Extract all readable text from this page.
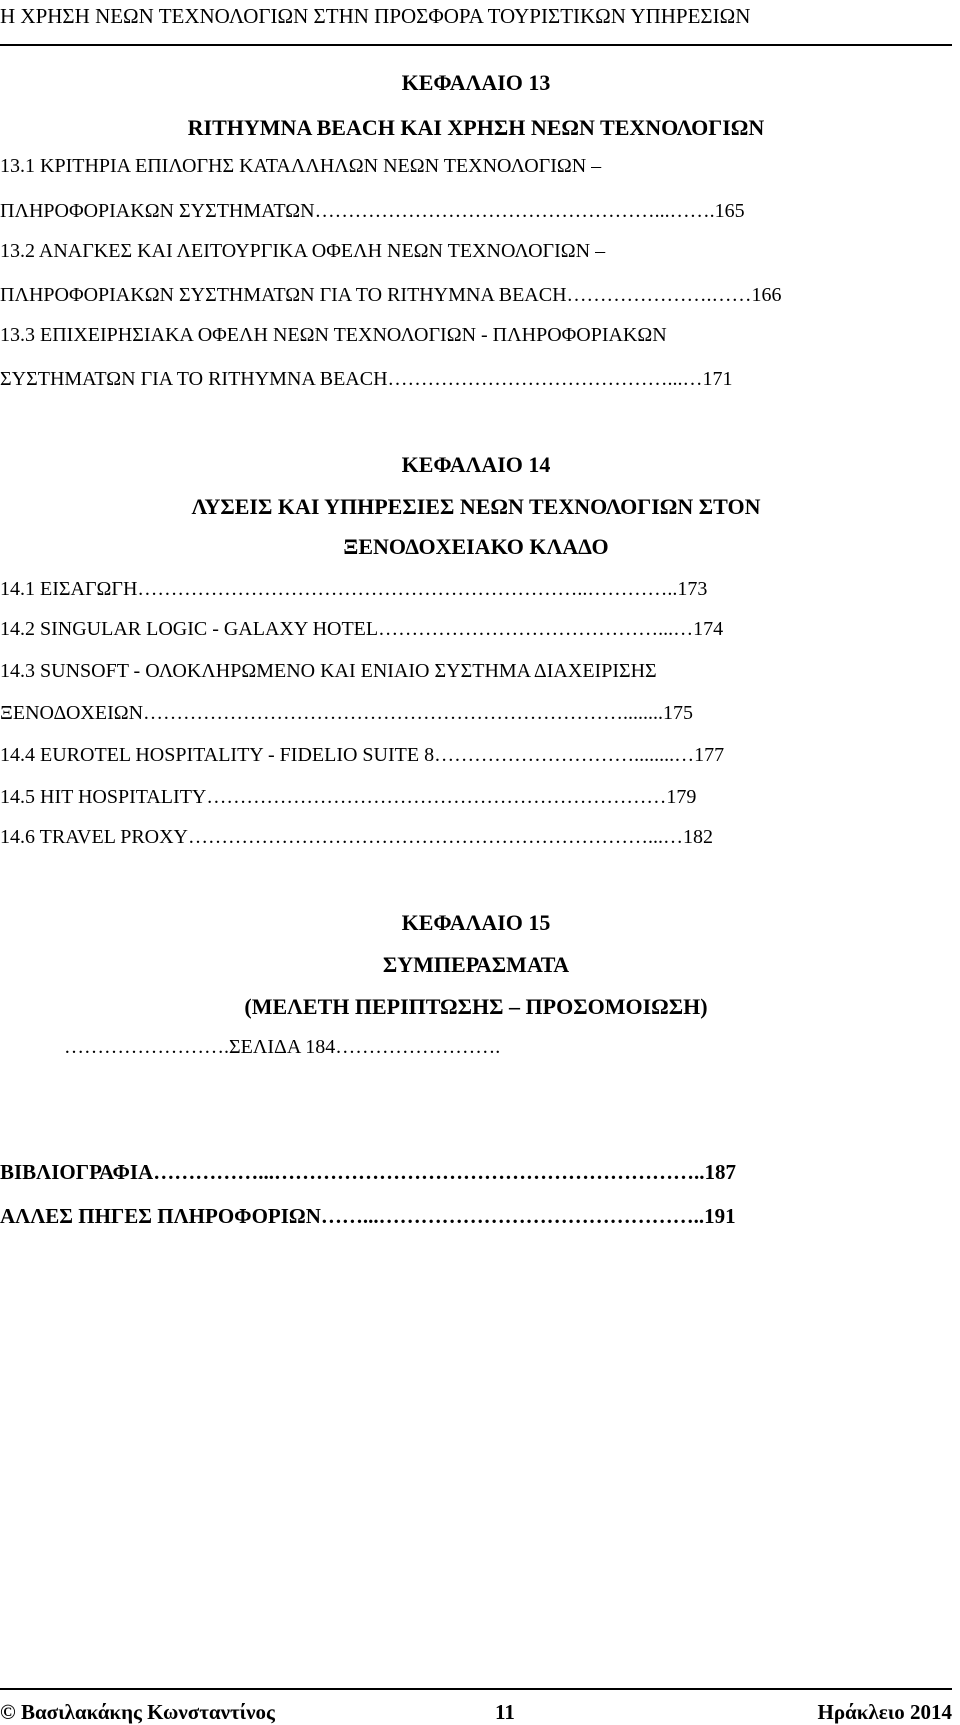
Η ΧΡΗΣΗ ΝΕΩΝ ΤΕΧΝΟΛΟΓΙΩΝ ΣΤΗΝ ΠΡΟΣΦΟΡΑ ΤΟΥΡΙΣΤΙΚΩΝ ΥΠΗΡΕΣΙΩΝ
ΚΕΦΑΛΑΙΟ 13
RITHYMNA BEACH ΚΑΙ ΧΡΗΣΗ ΝΕΩΝ ΤΕΧΝΟΛΟΓΙΩΝ
13.1 ΚΡΙΤΗΡΙΑ ΕΠΙΛΟΓΗΣ ΚΑΤΑΛΛΗΛΩΝ ΝΕΩΝ ΤΕΧΝΟΛΟΓΙΩΝ –
ΠΛΗΡΟΦΟΡΙΑΚΩΝ ΣΥΣΤΗΜΑΤΩΝ……………………………………………...…….165
13.2 ΑΝΑΓΚΕΣ ΚΑΙ ΛΕΙΤΟΥΡΓΙΚΑ ΟΦΕΛΗ ΝΕΩΝ ΤΕΧΝΟΛΟΓΙΩΝ –
ΠΛΗΡΟΦΟΡΙΑΚΩΝ ΣΥΣΤΗΜΑΤΩΝ ΓΙΑ ΤΟ RITHYMNA BEACH………………….……166
13.3 ΕΠΙΧΕΙΡΗΣΙΑΚΑ ΟΦΕΛΗ ΝΕΩΝ ΤΕΧΝΟΛΟΓΙΩΝ - ΠΛΗΡΟΦΟΡΙΑΚΩΝ
ΣΥΣΤΗΜΑΤΩΝ ΓΙΑ ΤΟ RITHYMNA BEACH……………………………………...…171
ΚΕΦΑΛΑΙΟ 14
ΛΥΣΕΙΣ ΚΑΙ ΥΠΗΡΕΣΙΕΣ ΝΕΩΝ ΤΕΧΝΟΛΟΓΙΩΝ ΣΤΟΝ
ΞΕΝΟΔΟΧΕΙΑΚΟ ΚΛΑΔΟ
14.1 ΕΙΣΑΓΩΓΗ…………………………………………………………..…………..173
14.2 SINGULAR LOGIC - GALAXY HOTEL……………………………………...…174
14.3 SUNSOFT - ΟΛΟΚΛΗΡΩΜΕΝΟ ΚΑΙ ΕΝΙΑΙΟ ΣΥΣΤΗΜΑ ΔΙΑΧΕΙΡΙΣΗΣ
ΞΕΝΟΔΟΧΕΙΩΝ………………………………………………………………........175
14.4 EUROTEL HOSPITALITY - FIDELIO SUITE 8…………………………........…177
14.5 HIT HOSPITALITY……………………………………………………………179
14.6 TRAVEL PROXY……………………………………………………………...…182
ΚΕΦΑΛΑΙΟ 15
ΣΥΜΠΕΡΑΣΜΑΤΑ
(ΜΕΛΕΤΗ ΠΕΡΙΠΤΩΣΗΣ – ΠΡΟΣΟΜΟΙΩΣΗ)
…………………….ΣΕΛΙΔΑ 184…………………….
ΒΙΒΛΙΟΓΡΑΦΙΑ……………...……………………………………………………..187
ΑΛΛΕΣ ΠΗΓΕΣ ΠΛΗΡΟΦΟΡΙΩΝ……...………………………………………..191
© Βασιλακάκης Κωνσταντίνος	11	Ηράκλειο 2014
